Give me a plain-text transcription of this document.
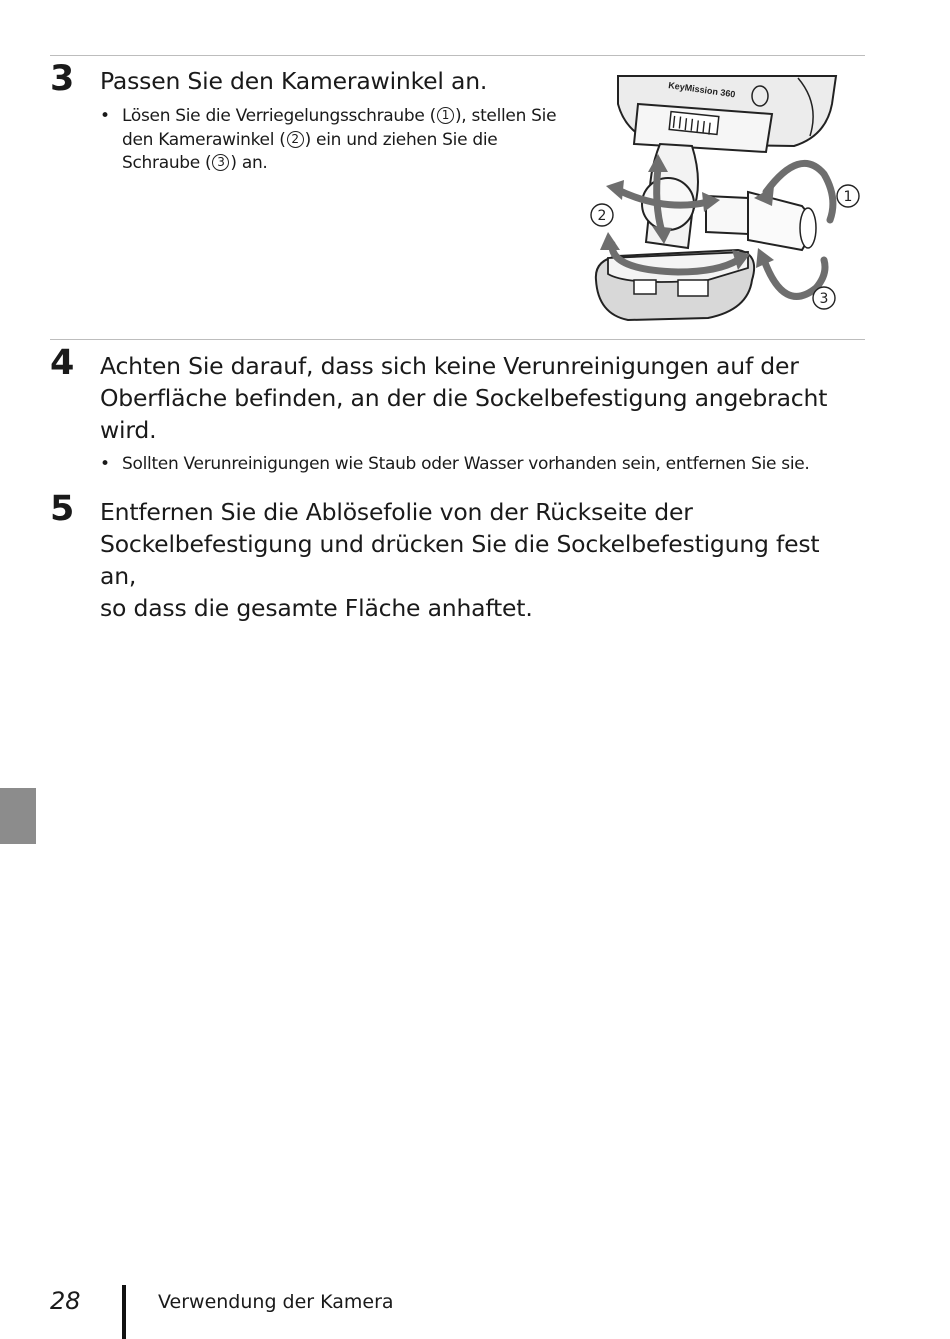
3 Passen Sie den Kamerawinkel an.
• Lösen Sie die Verriegelungsschraube ( 1 ), stellen Sie
den Kamerawinkel ( 2 ) ein und ziehen Sie die
Schraube ( 3 ) an.
KeyMission 360
1
2
3
4 Achten Sie darauf, dass sich keine Verunreinigungen auf der
Oberfläche befinden, an der die Sockelbefestigung angebracht
wird.
• Sollten Verunreinigungen wie Staub oder Wasser vorhanden sein, entfernen Sie sie.
5 Entfernen Sie die Ablösefolie von der Rückseite der
Sockelbefestigung und drücken Sie die Sockelbefestigung fest an,
so dass die gesamte Fläche anhaftet.
28	Verwendung der Kamera
